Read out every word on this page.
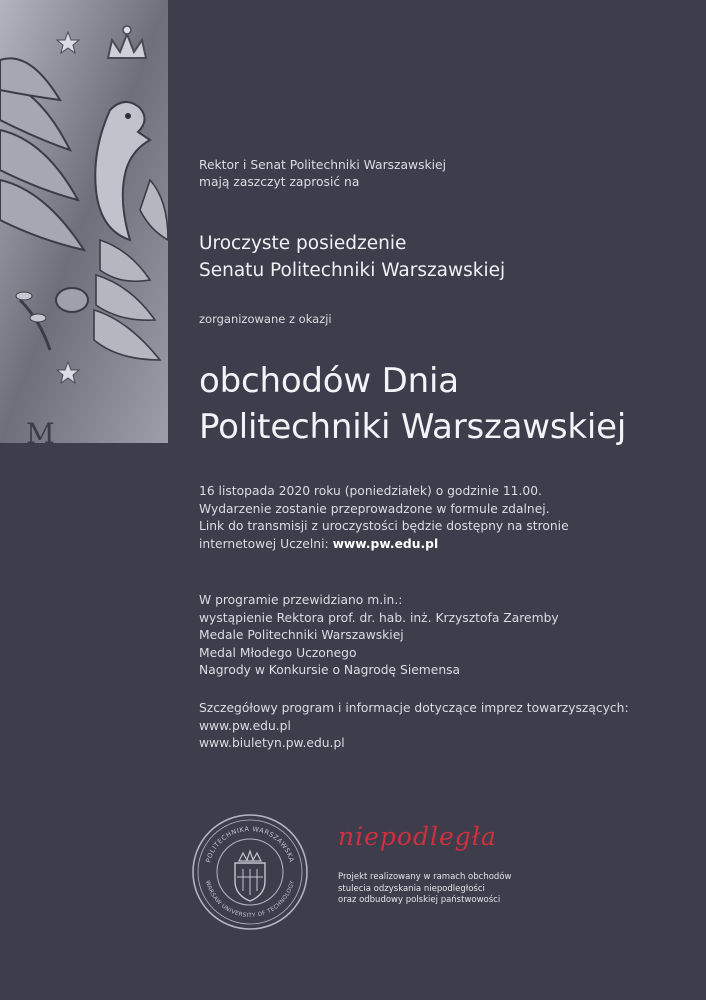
M
Rektor i Senat Politechniki Warszawskiej
mają zaszczyt zaprosić na
Uroczyste posiedzenie
Senatu Politechniki Warszawskiej
zorganizowane z okazji
obchodów Dnia
Politechniki Warszawskiej
16 listopada 2020 roku (poniedziałek) o godzinie 11.00.
Wydarzenie zostanie przeprowadzone w formule zdalnej.
Link do transmisji z uroczystości będzie dostępny na stronie
internetowej Uczelni: www.pw.edu.pl
W programie przewidziano m.in.:
wystąpienie Rektora prof. dr. hab. inż. Krzysztofa Zaremby
Medale Politechniki Warszawskiej
Medal Młodego Uczonego
Nagrody w Konkursie o Nagrodę Siemensa
Szczegółowy program i informacje dotyczące imprez towarzyszących:
www.pw.edu.pl
www.biuletyn.pw.edu.pl
POLITECHNIKA WARSZAWSKA
WARSAW UNIVERSITY OF TECHNOLOGY
niepodległa
Projekt realizowany w ramach obchodów
stulecia odzyskania niepodległości
oraz odbudowy polskiej państwowości
